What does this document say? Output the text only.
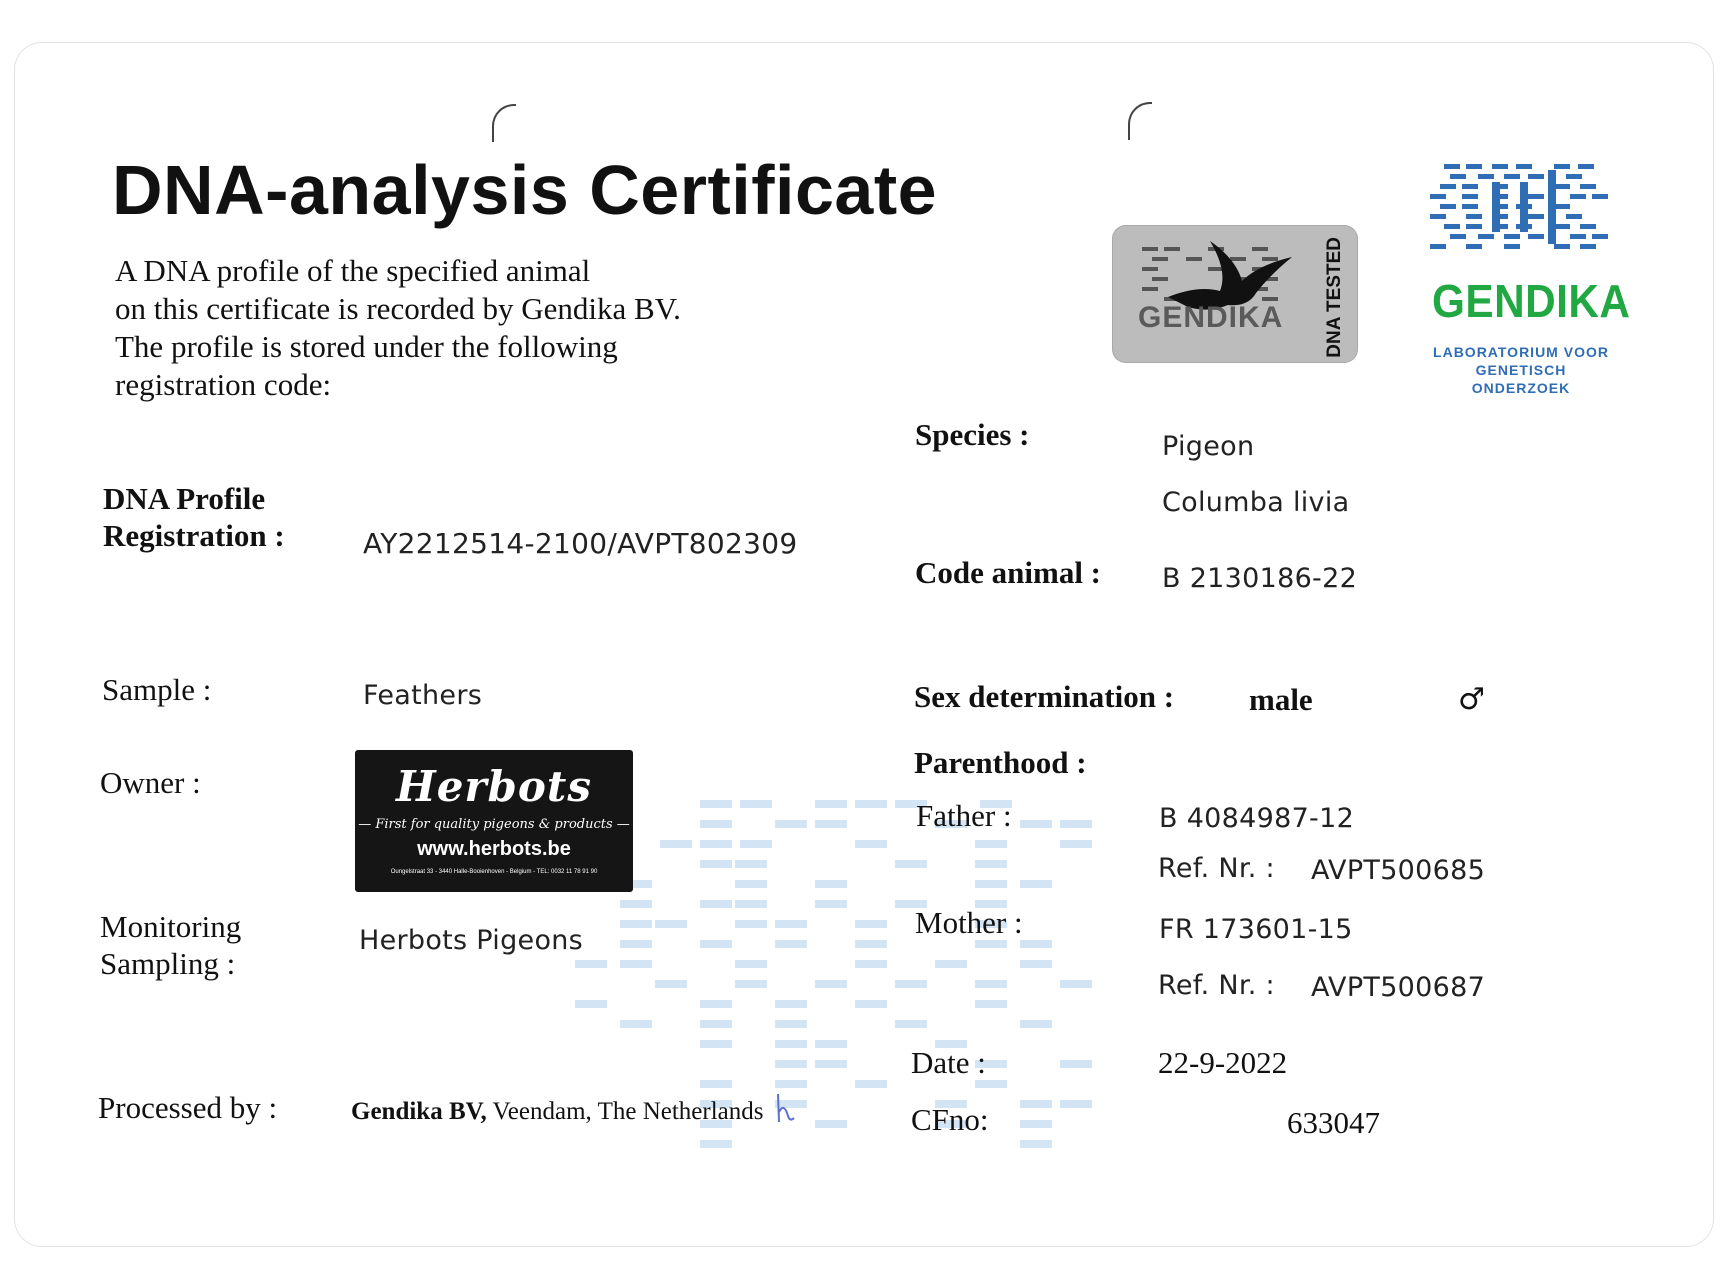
DNA-analysis Certificate
A DNA profile of the specified animal
on this certificate is recorded by Gendika BV.
The profile is stored under the following
registration code:
DNA Profile
Registration :	AY2212514-2100/AVPT802309
Sample :	Feathers
Owner :	Herbots
— First for quality pigeons & products —
www.herbots.be
Oungelstraat 33 - 3440 Halle-Booienhoven - Belgium - TEL: 0032 11 78 91 90
Monitoring
Sampling :
Herbots Pigeons
Processed by :	Gendika BV, Veendam, The Netherlands
Species :	Pigeon
Columba livia
Code animal : B 2130186-22
Sex determination : male	♂
Parenthood :
Father :	B 4084987-12
Ref. Nr. : AVPT500685
Mother :	FR 173601-15
Ref. Nr. : AVPT500687
Date :	22-9-2022
CFno:	633047
GENDIKA DNA TESTED GENDIKA
LABORATORIUM VOOR
GENETISCH ONDERZOEK
